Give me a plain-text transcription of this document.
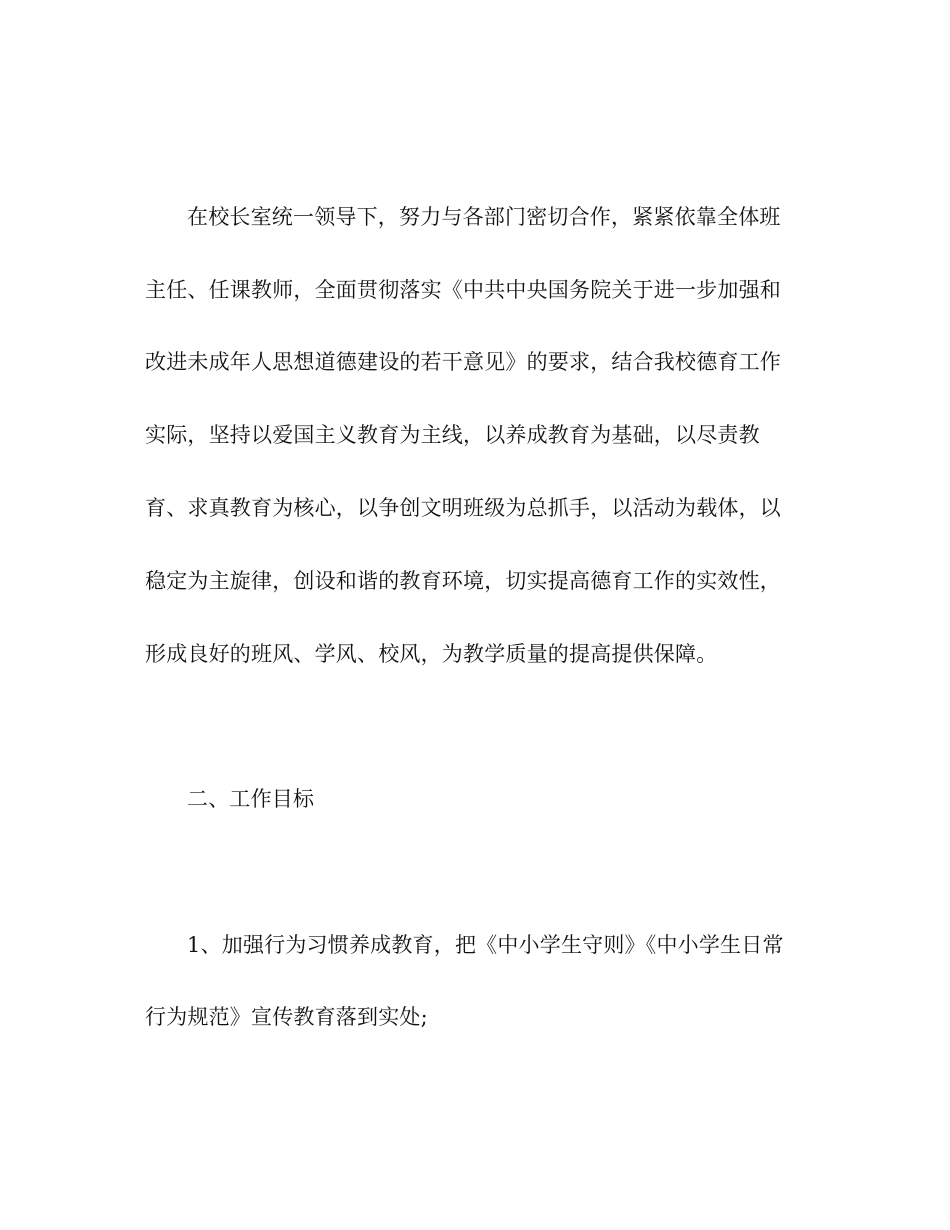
在校长室统一领导下，努力与各部门密切合作，紧紧依靠全体班
主任、任课教师，全面贯彻落实《中共中央国务院关于进一步加强和
改进未成年人思想道德建设的若干意见》的要求，结合我校德育工作
实际，坚持以爱国主义教育为主线，以养成教育为基础，以尽责教
育、求真教育为核心，以争创文明班级为总抓手，以活动为载体，以
稳定为主旋律，创设和谐的教育环境，切实提高德育工作的实效性，
形成良好的班风、学风、校风，为教学质量的提高提供保障。
二、工作目标
1、加强行为习惯养成教育，把《中小学生守则》《中小学生日常
行为规范》宣传教育落到实处;
